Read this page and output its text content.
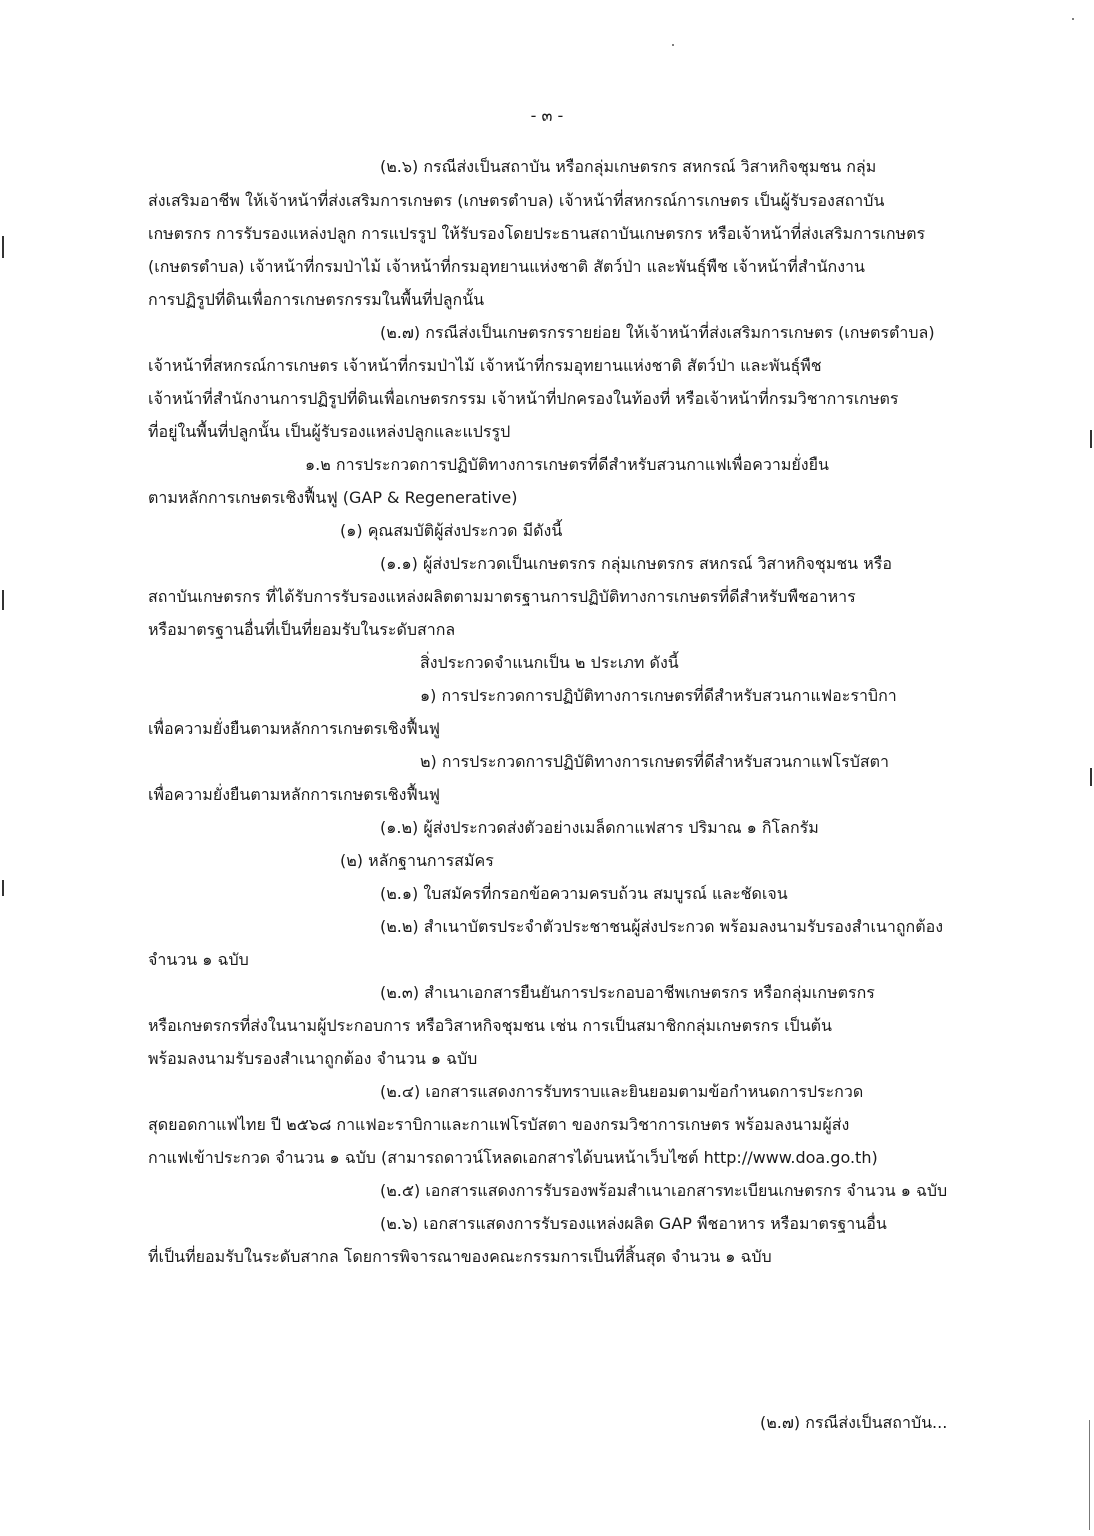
- ๓ -
(๒.๖) กรณีส่งเป็นสถาบัน หรือกลุ่มเกษตรกร สหกรณ์ วิสาหกิจชุมชน กลุ่ม
ส่งเสริมอาชีพ ให้เจ้าหน้าที่ส่งเสริมการเกษตร (เกษตรตำบล) เจ้าหน้าที่สหกรณ์การเกษตร เป็นผู้รับรองสถาบัน
เกษตรกร การรับรองแหล่งปลูก การแปรรูป ให้รับรองโดยประธานสถาบันเกษตรกร หรือเจ้าหน้าที่ส่งเสริมการเกษตร
(เกษตรตำบล) เจ้าหน้าที่กรมป่าไม้ เจ้าหน้าที่กรมอุทยานแห่งชาติ สัตว์ป่า และพันธุ์พืช เจ้าหน้าที่สำนักงาน
การปฏิรูปที่ดินเพื่อการเกษตรกรรมในพื้นที่ปลูกนั้น
(๒.๗) กรณีส่งเป็นเกษตรกรรายย่อย ให้เจ้าหน้าที่ส่งเสริมการเกษตร (เกษตรตำบล)
เจ้าหน้าที่สหกรณ์การเกษตร เจ้าหน้าที่กรมป่าไม้ เจ้าหน้าที่กรมอุทยานแห่งชาติ สัตว์ป่า และพันธุ์พืช
เจ้าหน้าที่สำนักงานการปฏิรูปที่ดินเพื่อเกษตรกรรม เจ้าหน้าที่ปกครองในท้องที่ หรือเจ้าหน้าที่กรมวิชาการเกษตร
ที่อยู่ในพื้นที่ปลูกนั้น เป็นผู้รับรองแหล่งปลูกและแปรรูป
๑.๒ การประกวดการปฏิบัติทางการเกษตรที่ดีสำหรับสวนกาแฟเพื่อความยั่งยืน
ตามหลักการเกษตรเชิงฟื้นฟู (GAP & Regenerative)
(๑) คุณสมบัติผู้ส่งประกวด มีดังนี้
(๑.๑) ผู้ส่งประกวดเป็นเกษตรกร กลุ่มเกษตรกร สหกรณ์ วิสาหกิจชุมชน หรือ
สถาบันเกษตรกร ที่ได้รับการรับรองแหล่งผลิตตามมาตรฐานการปฏิบัติทางการเกษตรที่ดีสำหรับพืชอาหาร
หรือมาตรฐานอื่นที่เป็นที่ยอมรับในระดับสากล
สิ่งประกวดจำแนกเป็น ๒ ประเภท ดังนี้
๑) การประกวดการปฏิบัติทางการเกษตรที่ดีสำหรับสวนกาแฟอะราบิกา
เพื่อความยั่งยืนตามหลักการเกษตรเชิงฟื้นฟู
๒) การประกวดการปฏิบัติทางการเกษตรที่ดีสำหรับสวนกาแฟโรบัสตา
เพื่อความยั่งยืนตามหลักการเกษตรเชิงฟื้นฟู
(๑.๒) ผู้ส่งประกวดส่งตัวอย่างเมล็ดกาแฟสาร ปริมาณ ๑ กิโลกรัม
(๒) หลักฐานการสมัคร
(๒.๑) ใบสมัครที่กรอกข้อความครบถ้วน สมบูรณ์ และชัดเจน
(๒.๒) สำเนาบัตรประจำตัวประชาชนผู้ส่งประกวด พร้อมลงนามรับรองสำเนาถูกต้อง
จำนวน ๑ ฉบับ
(๒.๓) สำเนาเอกสารยืนยันการประกอบอาชีพเกษตรกร หรือกลุ่มเกษตรกร
หรือเกษตรกรที่ส่งในนามผู้ประกอบการ หรือวิสาหกิจชุมชน เช่น การเป็นสมาชิกกลุ่มเกษตรกร เป็นต้น
พร้อมลงนามรับรองสำเนาถูกต้อง จำนวน ๑ ฉบับ
(๒.๔) เอกสารแสดงการรับทราบและยินยอมตามข้อกำหนดการประกวด
สุดยอดกาแฟไทย ปี ๒๕๖๘ กาแฟอะราบิกาและกาแฟโรบัสตา ของกรมวิชาการเกษตร พร้อมลงนามผู้ส่ง
กาแฟเข้าประกวด จำนวน ๑ ฉบับ (สามารถดาวน์โหลดเอกสารได้บนหน้าเว็บไซต์ http://www.doa.go.th)
(๒.๕) เอกสารแสดงการรับรองพร้อมสำเนาเอกสารทะเบียนเกษตรกร จำนวน ๑ ฉบับ
(๒.๖) เอกสารแสดงการรับรองแหล่งผลิต GAP พืชอาหาร หรือมาตรฐานอื่น
ที่เป็นที่ยอมรับในระดับสากล โดยการพิจารณาของคณะกรรมการเป็นที่สิ้นสุด จำนวน ๑ ฉบับ
(๒.๗) กรณีส่งเป็นสถาบัน...
